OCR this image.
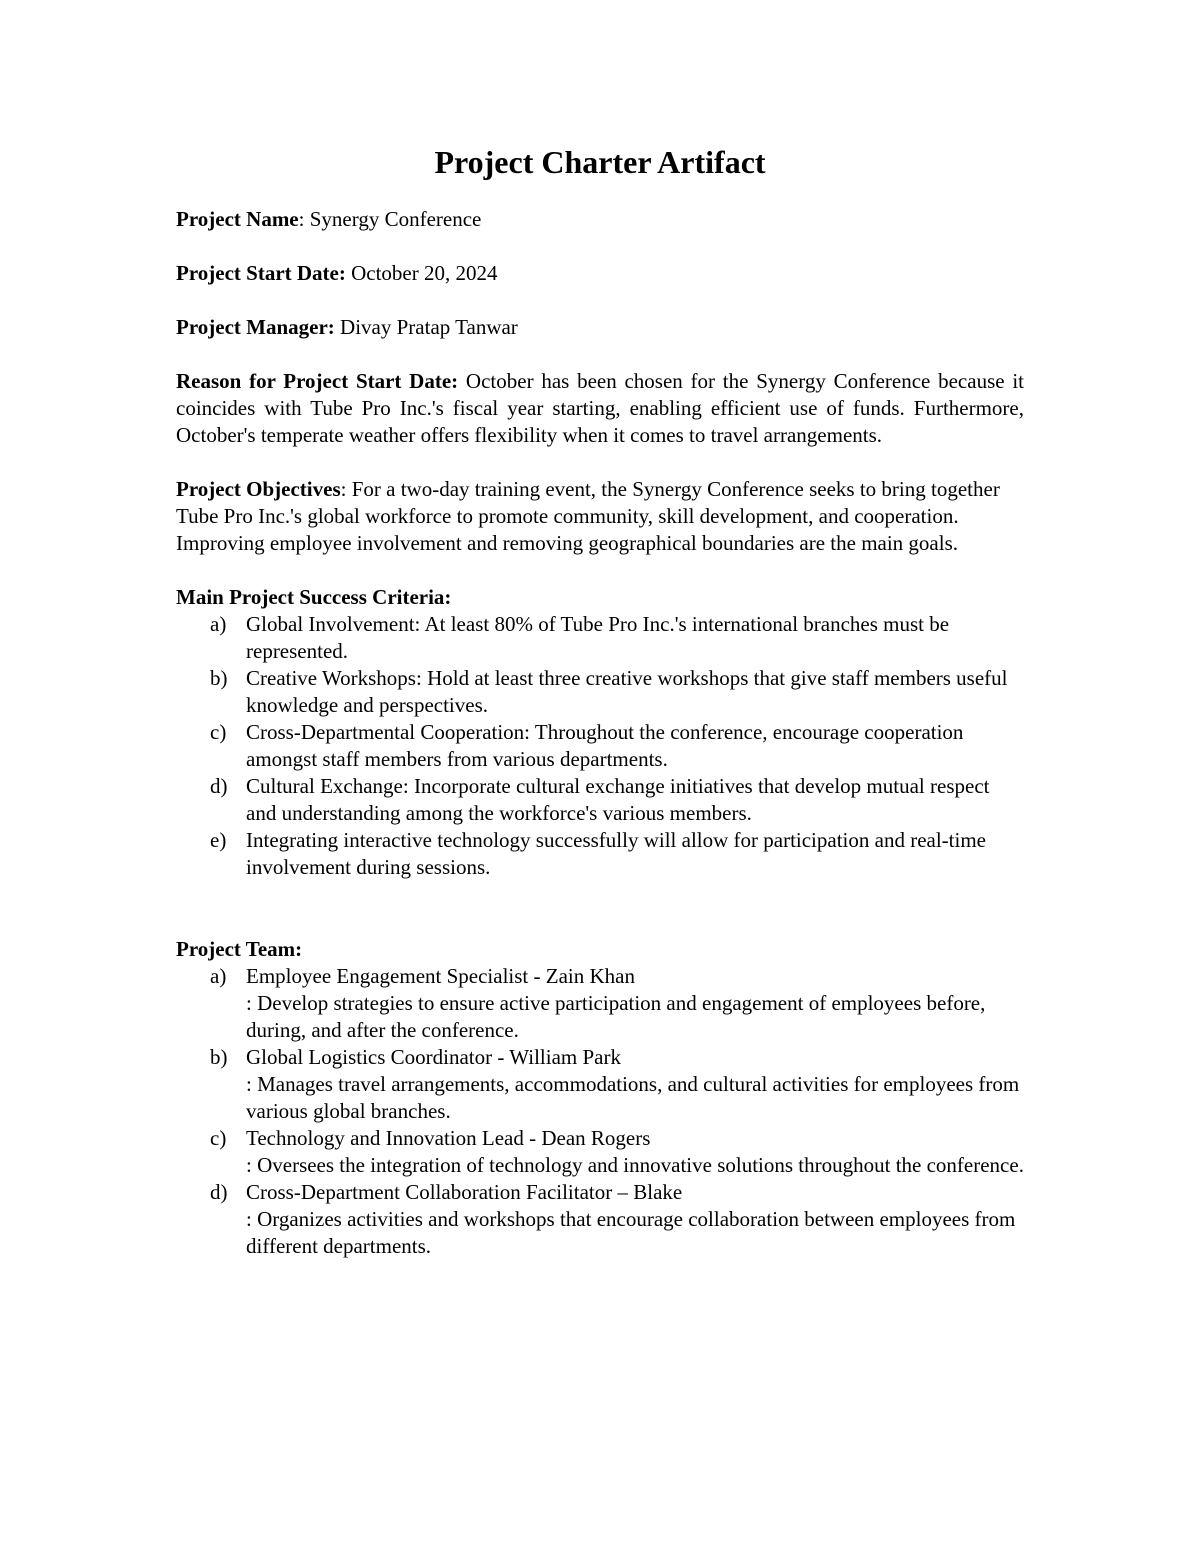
Project Charter Artifact

Project Name: Synergy Conference

Project Start Date: October 20, 2024

Project Manager: Divay Pratap Tanwar

Reason for Project Start Date: October has been chosen for the Synergy Conference because it coincides with Tube Pro Inc.'s fiscal year starting, enabling efficient use of funds. Furthermore, October's temperate weather offers flexibility when it comes to travel arrangements.

Project Objectives: For a two-day training event, the Synergy Conference seeks to bring together Tube Pro Inc.'s global workforce to promote community, skill development, and cooperation. Improving employee involvement and removing geographical boundaries are the main goals.

Main Project Success Criteria:

a) Global Involvement: At least 80% of Tube Pro Inc.'s international branches must be represented.
b) Creative Workshops: Hold at least three creative workshops that give staff members useful knowledge and perspectives.
c) Cross-Departmental Cooperation: Throughout the conference, encourage cooperation amongst staff members from various departments.
d) Cultural Exchange: Incorporate cultural exchange initiatives that develop mutual respect and understanding among the workforce's various members.
e) Integrating interactive technology successfully will allow for participation and real-time involvement during sessions.

Project Team:

a) Employee Engagement Specialist - Zain Khan
: Develop strategies to ensure active participation and engagement of employees before, during, and after the conference.
b) Global Logistics Coordinator - William Park
: Manages travel arrangements, accommodations, and cultural activities for employees from various global branches.
c) Technology and Innovation Lead - Dean Rogers
: Oversees the integration of technology and innovative solutions throughout the conference.
d) Cross-Department Collaboration Facilitator – Blake
: Organizes activities and workshops that encourage collaboration between employees from different departments.
